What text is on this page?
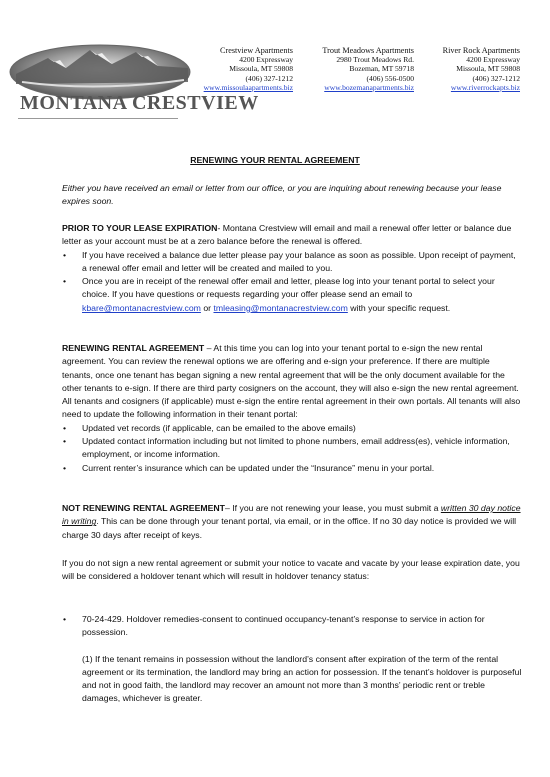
MONTANA CRESTVIEW
Crestview Apartments
4200 Expressway
Missoula, MT 59808
(406) 327-1212
www.missoulaapartments.biz
Trout Meadows Apartments
2980 Trout Meadows Rd.
Bozeman, MT 59718
(406) 556-0500
www.bozemanapartments.biz
River Rock Apartments
4200 Expressway
Missoula, MT 59808
(406) 327-1212
www.riverrockapts.biz
RENEWING YOUR RENTAL AGREEMENT

Either you have received an email or letter from our office, or you are inquiring about renewing because your lease expires soon.

PRIOR TO YOUR LEASE EXPIRATION- Montana Crestview will email and mail a renewal offer letter or balance due letter as your account must be at a zero balance before the renewal is offered.

• If you have received a balance due letter please pay your balance as soon as possible. Upon receipt of payment, a renewal offer email and letter will be created and mailed to you.
• Once you are in receipt of the renewal offer email and letter, please log into your tenant portal to select your choice. If you have questions or requests regarding your offer please send an email to kbare@montanacrestview.com or tmleasing@montanacrestview.com with your specific request.

RENEWING RENTAL AGREEMENT – At this time you can log into your tenant portal to e-sign the new rental agreement. You can review the renewal options we are offering and e-sign your preference. If there are multiple tenants, once one tenant has began signing a new rental agreement that will be the only document available for the other tenants to e-sign. If there are third party cosigners on the account, they will also e-sign the new rental agreement. All tenants and cosigners (if applicable) must e-sign the entire rental agreement in their own portals. All tenants will also need to update the following information in their tenant portal:

• Updated vet records (if applicable, can be emailed to the above emails)
• Updated contact information including but not limited to phone numbers, email address(es), vehicle information, employment, or income information.
• Current renter’s insurance which can be updated under the “Insurance” menu in your portal.

NOT RENEWING RENTAL AGREEMENT– If you are not renewing your lease, you must submit a written 30 day notice in writing. This can be done through your tenant portal, via email, or in the office. If no 30 day notice is provided we will charge 30 days after receipt of keys.

If you do not sign a new rental agreement or submit your notice to vacate and vacate by your lease expiration date, you will be considered a holdover tenant which will result in holdover tenancy status:

• 70-24-429. Holdover remedies-consent to continued occupancy-tenant’s response to service in action for possession.

(1) If the tenant remains in possession without the landlord’s consent after expiration of the term of the rental agreement or its termination, the landlord may bring an action for possession. If the tenant’s holdover is purposeful and not in good faith, the landlord may recover an amount not more than 3 months’ periodic rent or treble damages, whichever is greater.
